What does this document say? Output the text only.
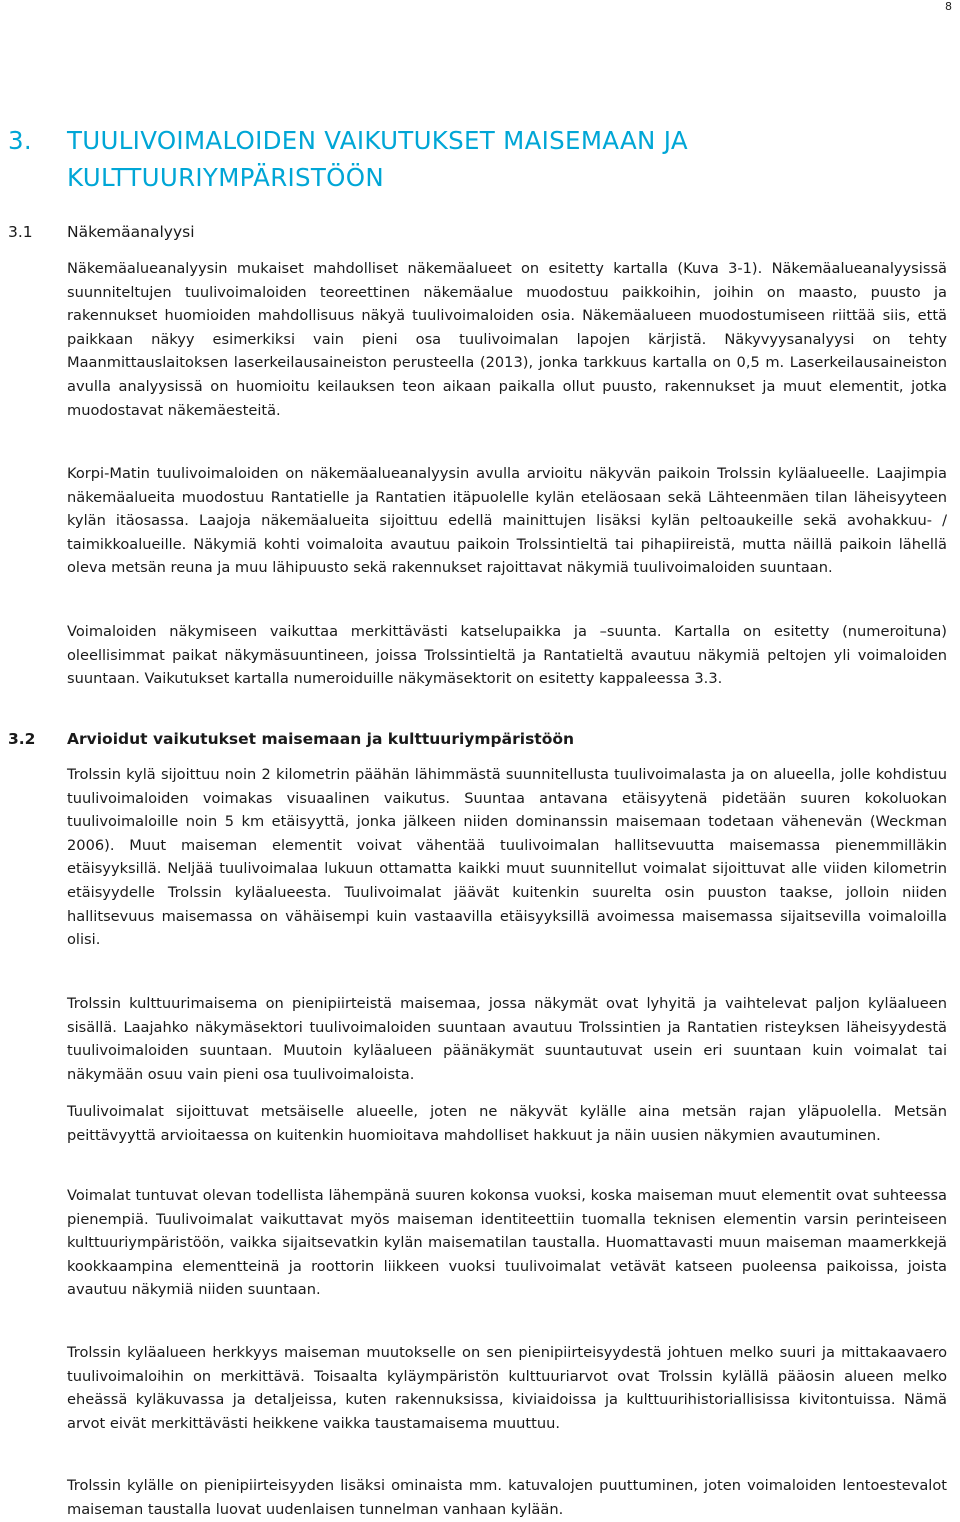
8
3. TUULIVOIMALOIDEN VAIKUTUKSET MAISEMAAN JA KULTTUURIYMPÄRISTÖÖN
3.1 Näkemäanalyysi

Näkemäalueanalyysin mukaiset mahdolliset näkemäalueet on esitetty kartalla (Kuva 3-1). Näkemäalueanalyysissä suunniteltujen tuulivoimaloiden teoreettinen näkemäalue muodostuu paikkoihin, joihin on maasto, puusto ja rakennukset huomioiden mahdollisuus näkyä tuulivoimaloiden osia. Näkemäalueen muodostumiseen riittää siis, että paikkaan näkyy esimerkiksi vain pieni osa tuulivoimalan lapojen kärjistä. Näkyvyysanalyysi on tehty Maanmittauslaitoksen laserkeilausaineiston perusteella (2013), jonka tarkkuus kartalla on 0,5 m. Laserkeilausaineiston avulla analyysissä on huomioitu keilauksen teon aikaan paikalla ollut puusto, rakennukset ja muut elementit, jotka muodostavat näkemäesteitä.

Korpi-Matin tuulivoimaloiden on näkemäalueanalyysin avulla arvioitu näkyvän paikoin Trolssin kyläalueelle. Laajimpia näkemäalueita muodostuu Rantatielle ja Rantatien itäpuolelle kylän eteläosaan sekä Lähteenmäen tilan läheisyyteen kylän itäosassa. Laajoja näkemäalueita sijoittuu edellä mainittujen lisäksi kylän peltoaukeille sekä avohakkuu- / taimikkoalueille. Näkymiä kohti voimaloita avautuu paikoin Trolssintieltä tai pihapiireistä, mutta näillä paikoin lähellä oleva metsän reuna ja muu lähipuusto sekä rakennukset rajoittavat näkymiä tuulivoimaloiden suuntaan.

Voimaloiden näkymiseen vaikuttaa merkittävästi katselupaikka ja –suunta. Kartalla on esitetty (numeroituna) oleellisimmat paikat näkymäsuuntineen, joissa Trolssintieltä ja Rantatieltä avautuu näkymiä peltojen yli voimaloiden suuntaan. Vaikutukset kartalla numeroiduille näkymäsektorit on esitetty kappaleessa 3.3.

3.2 Arvioidut vaikutukset maisemaan ja kulttuuriympäristöön

Trolssin kylä sijoittuu noin 2 kilometrin päähän lähimmästä suunnitellusta tuulivoimalasta ja on alueella, jolle kohdistuu tuulivoimaloiden voimakas visuaalinen vaikutus. Suuntaa antavana etäisyytenä pidetään suuren kokoluokan tuulivoimaloille noin 5 km etäisyyttä, jonka jälkeen niiden dominanssin maisemaan todetaan vähenevän (Weckman 2006). Muut maiseman elementit voivat vähentää tuulivoimalan hallitsevuutta maisemassa pienemmilläkin etäisyyksillä. Neljää tuulivoimalaa lukuun ottamatta kaikki muut suunnitellut voimalat sijoittuvat alle viiden kilometrin etäisyydelle Trolssin kyläalueesta. Tuulivoimalat jäävät kuitenkin suurelta osin puuston taakse, jolloin niiden hallitsevuus maisemassa on vähäisempi kuin vastaavilla etäisyyksillä avoimessa maisemassa sijaitsevilla voimaloilla olisi.

Trolssin kulttuurimaisema on pienipiirteistä maisemaa, jossa näkymät ovat lyhyitä ja vaihtelevat paljon kyläalueen sisällä. Laajahko näkymäsektori tuulivoimaloiden suuntaan avautuu Trolssintien ja Rantatien risteyksen läheisyydestä tuulivoimaloiden suuntaan. Muutoin kyläalueen päänäkymät suuntautuvat usein eri suuntaan kuin voimalat tai näkymään osuu vain pieni osa tuulivoimaloista.

Tuulivoimalat sijoittuvat metsäiselle alueelle, joten ne näkyvät kylälle aina metsän rajan yläpuolella. Metsän peittävyyttä arvioitaessa on kuitenkin huomioitava mahdolliset hakkuut ja näin uusien näkymien avautuminen.

Voimalat tuntuvat olevan todellista lähempänä suuren kokonsa vuoksi, koska maiseman muut elementit ovat suhteessa pienempiä. Tuulivoimalat vaikuttavat myös maiseman identiteettiin tuomalla teknisen elementin varsin perinteiseen kulttuuriympäristöön, vaikka sijaitsevatkin kylän maisematilan taustalla. Huomattavasti muun maiseman maamerkkejä kookkaampina elementteinä ja roottorin liikkeen vuoksi tuulivoimalat vetävät katseen puoleensa paikoissa, joista avautuu näkymiä niiden suuntaan.

Trolssin kyläalueen herkkyys maiseman muutokselle on sen pienipiirteisyydestä johtuen melko suuri ja mittakaavaero tuulivoimaloihin on merkittävä. Toisaalta kyläympäristön kulttuuriarvot ovat Trolssin kylällä pääosin alueen melko eheässä kyläkuvassa ja detaljeissa, kuten rakennuksissa, kiviaidoissa ja kulttuurihistoriallisissa kivitontuissa. Nämä arvot eivät merkittävästi heikkene vaikka taustamaisema muuttuu.

Trolssin kylälle on pienipiirteisyyden lisäksi ominaista mm. katuvalojen puuttuminen, joten voimaloiden lentoestevalot maiseman taustalla luovat uudenlaisen tunnelman vanhaan kylään.
